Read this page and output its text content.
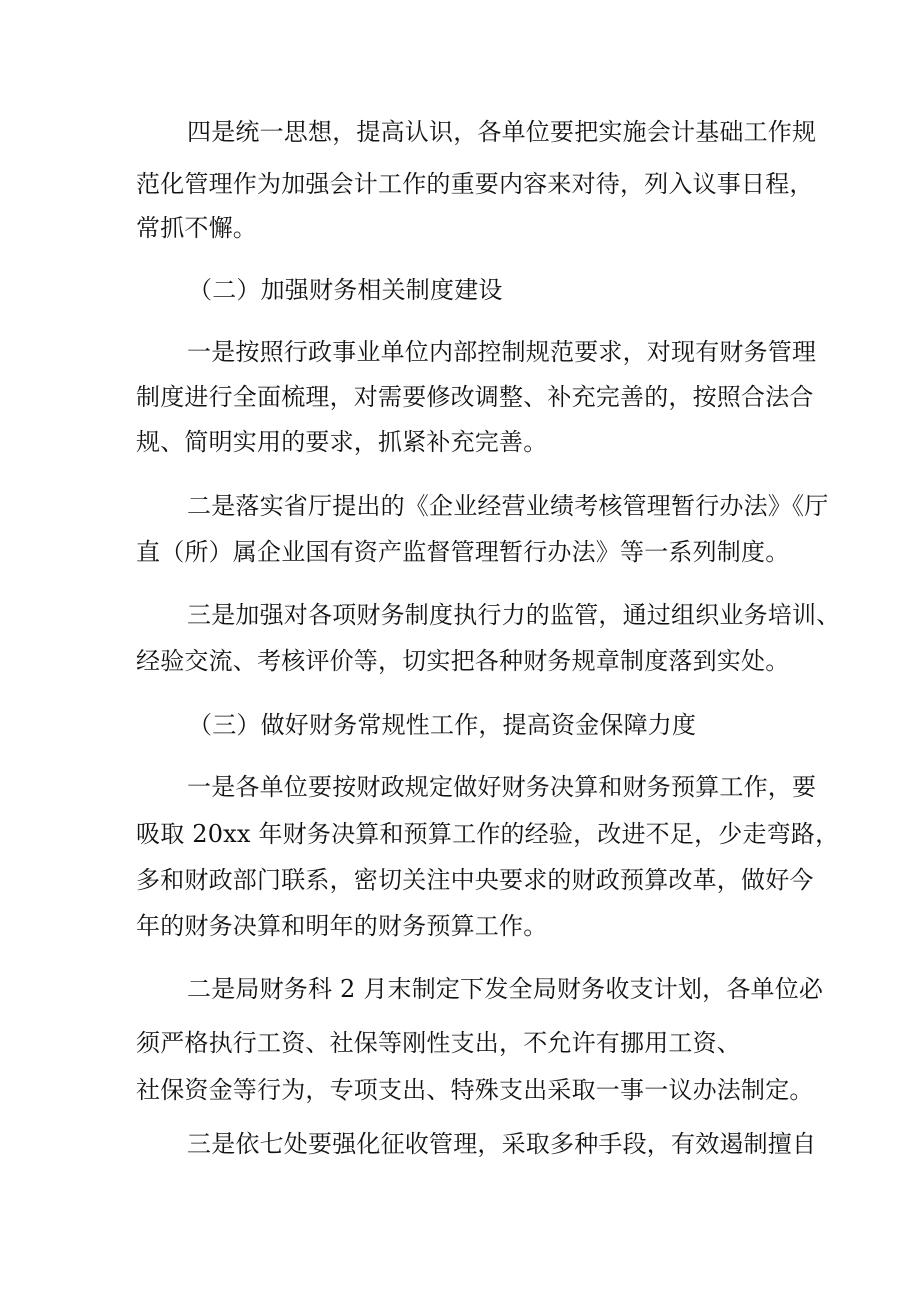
四是统一思想，提高认识，各单位要把实施会计基础工作规

范化管理作为加强会计工作的重要内容来对待，列入议事日程，

常抓不懈。

（二）加强财务相关制度建设

一是按照行政事业单位内部控制规范要求，对现有财务管理

制度进行全面梳理，对需要修改调整、补充完善的，按照合法合

规、简明实用的要求，抓紧补充完善。

二是落实省厅提出的《企业经营业绩考核管理暂行办法》《厅

直（所）属企业国有资产监督管理暂行办法》等一系列制度。

三是加强对各项财务制度执行力的监管，通过组织业务培训、

经验交流、考核评价等，切实把各种财务规章制度落到实处。

（三）做好财务常规性工作，提高资金保障力度

一是各单位要按财政规定做好财务决算和财务预算工作，要

吸取 20xx 年财务决算和预算工作的经验，改进不足，少走弯路，

多和财政部门联系，密切关注中央要求的财政预算改革，做好今

年的财务决算和明年的财务预算工作。

二是局财务科 2 月末制定下发全局财务收支计划，各单位必

须严格执行工资、社保等刚性支出，不允许有挪用工资、

社保资金等行为，专项支出、特殊支出采取一事一议办法制定。

三是依七处要强化征收管理，采取多种手段，有效遏制擅自
